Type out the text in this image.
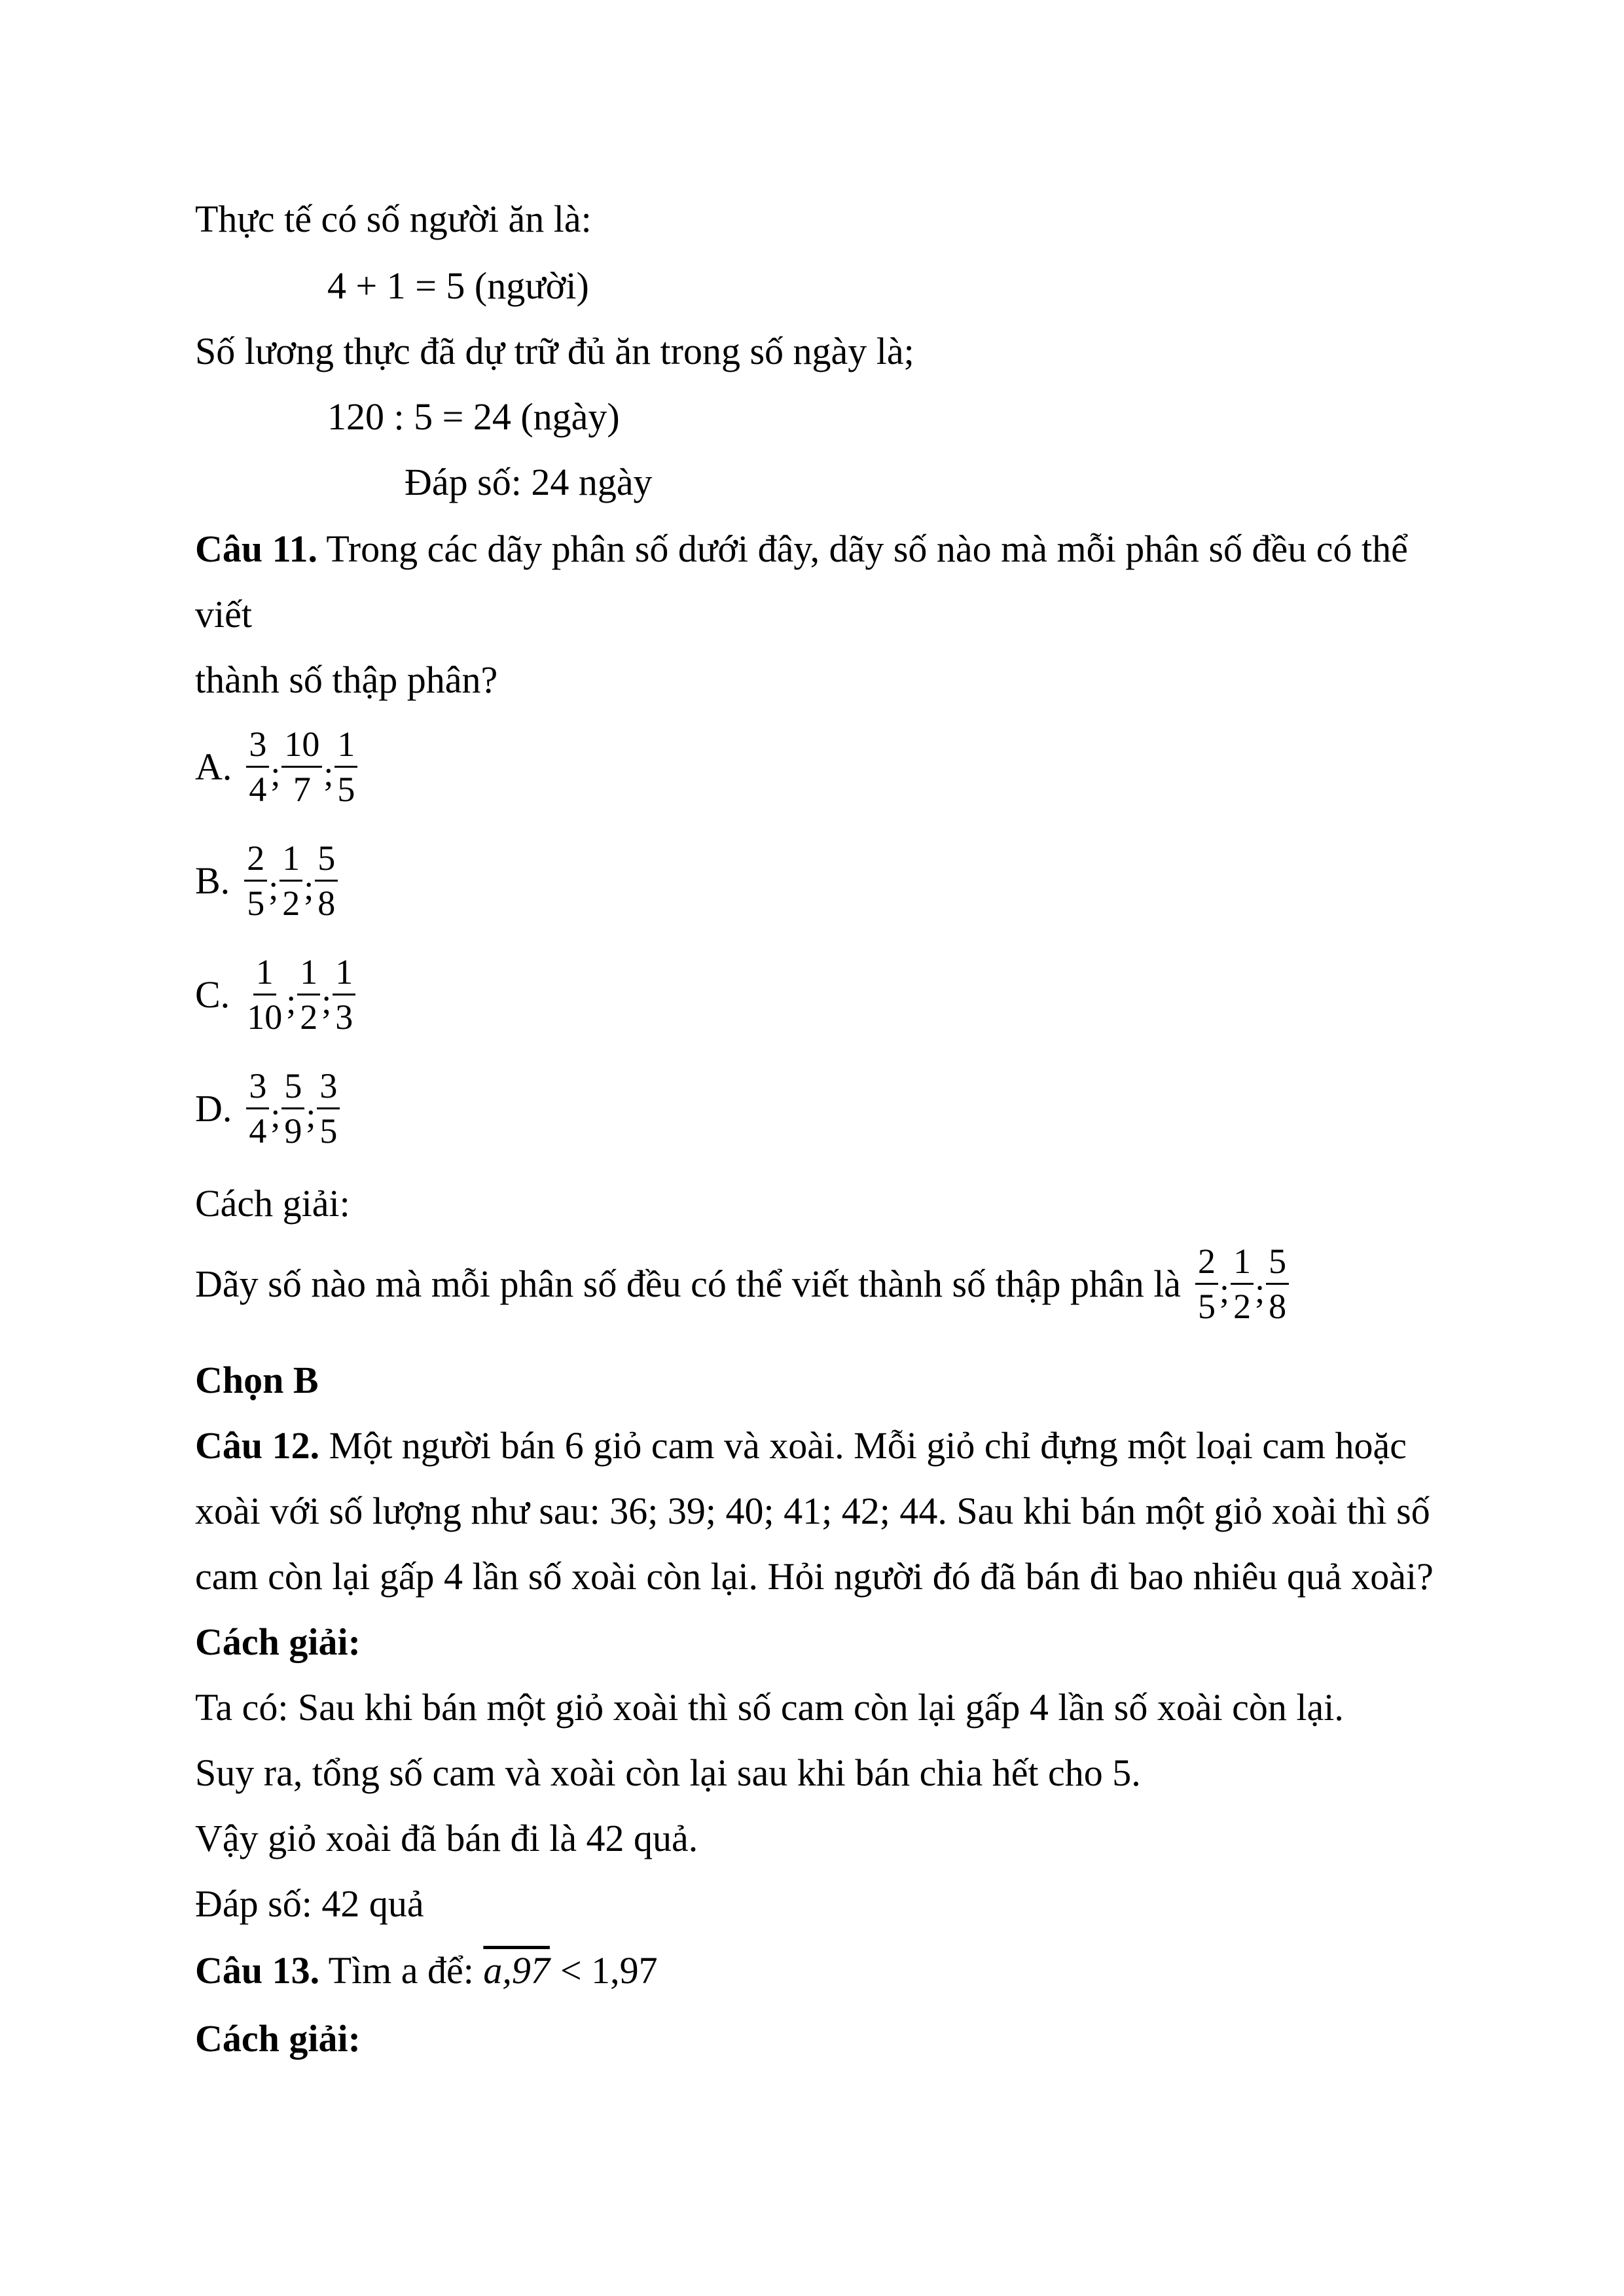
Thực tế có số người ăn là:
4 + 1 = 5 (người)
Số lương thực đã dự trữ đủ ăn trong số ngày là;
120 : 5 = 24 (ngày)
Đáp số: 24 ngày
Câu 11. Trong các dãy phân số dưới đây, dãy số nào mà mỗi phân số đều có thể
viết
thành số thập phân?
A. $\frac{3}{4}$ ; $\frac{10}{7}$ ; $\frac{1}{5}$
B. $\frac{2}{5}$ ; $\frac{1}{2}$ ; $\frac{5}{8}$
C. $\frac{1}{10}$ ; $\frac{1}{2}$ ; $\frac{1}{3}$
D. $\frac{3}{4}$ ; $\frac{5}{9}$ ; $\frac{3}{5}$
Cách giải:
Dãy số nào mà mỗi phân số đều có thể viết thành số thập phân là $\frac{2}{5}$ ; $\frac{1}{2}$ ; $\frac{5}{8}$
Chọn B
Câu 12. Một người bán 6 giỏ cam và xoài. Mỗi giỏ chỉ đựng một loại cam hoặc
xoài với số lượng như sau: 36; 39; 40; 41; 42; 44. Sau khi bán một giỏ xoài thì số
cam còn lại gấp 4 lần số xoài còn lại. Hỏi người đó đã bán đi bao nhiêu quả xoài?
Cách giải:
Ta có: Sau khi bán một giỏ xoài thì số cam còn lại gấp 4 lần số xoài còn lại.
Suy ra, tổng số cam và xoài còn lại sau khi bán chia hết cho 5.
Vậy giỏ xoài đã bán đi là 42 quả.
Đáp số: 42 quả
Câu 13. Tìm a để: a,97 < 1,97
Cách giải:
